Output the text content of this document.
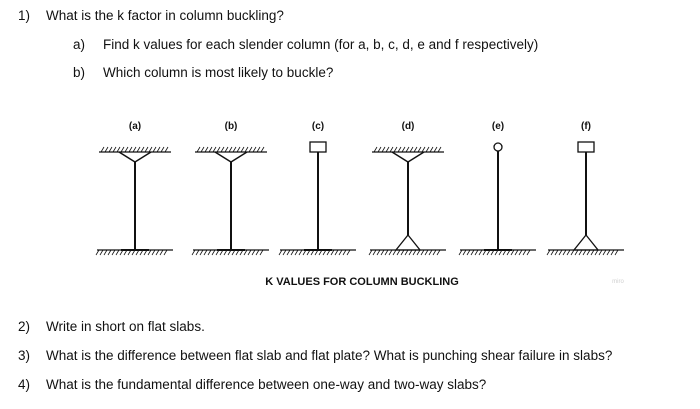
1) What is the k factor in column buckling?
a) Find k values for each slender column (for a, b, c, d, e and f respectively)
b) Which column is most likely to buckle?
(a)	(b)	(c)	(d)	(e)	(f)
K VALUES FOR COLUMN BUCKLING	miro
2) Write in short on flat slabs.
3) What is the difference between flat slab and flat plate? What is punching shear failure in slabs?
4) What is the fundamental difference between one-way and two-way slabs?
